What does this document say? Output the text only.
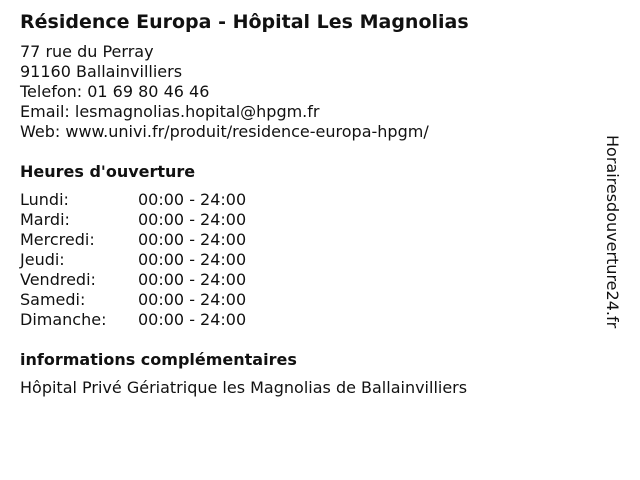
Résidence Europa - Hôpital Les Magnolias
77 rue du Perray
91160 Ballainvilliers
Telefon: 01 69 80 46 46
Email: lesmagnolias.hopital@hpgm.fr
Web: www.univi.fr/produit/residence-europa-hpgm/
Heures d'ouverture
Lundi:	00:00 - 24:00
Mardi:	00:00 - 24:00
Mercredi:	00:00 - 24:00
Jeudi:	00:00 - 24:00
Vendredi:	00:00 - 24:00
Samedi:	00:00 - 24:00
Dimanche:	00:00 - 24:00
informations complémentaires
Hôpital Privé Gériatrique les Magnolias de Ballainvilliers
Horairesdouverture24.fr
